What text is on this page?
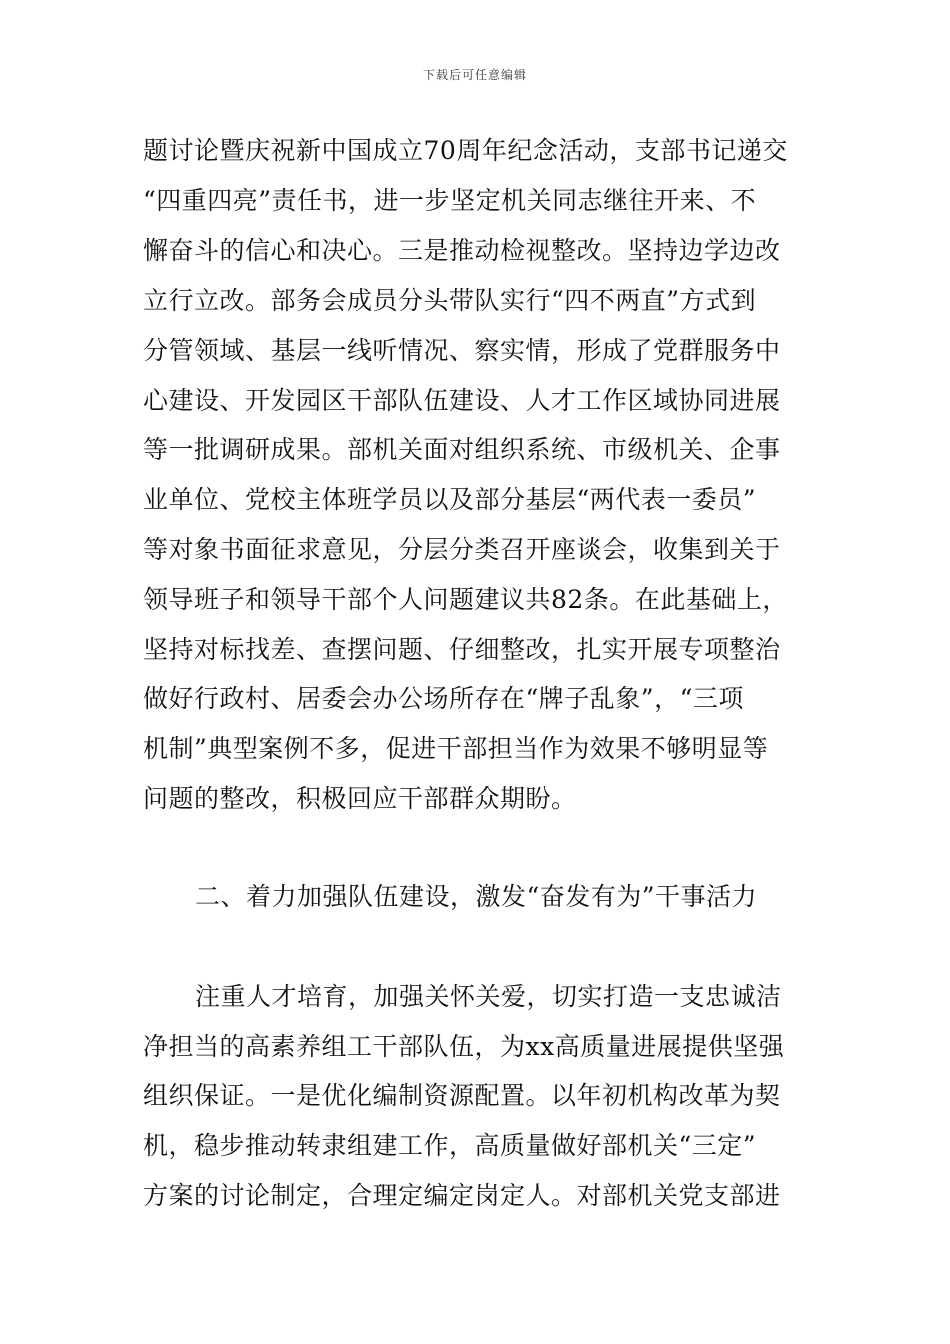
下载后可任意编辑
题讨论暨庆祝新中国成立70周年纪念活动，支部书记递交
“四重四亮”责任书，进一步坚定机关同志继往开来、不
懈奋斗的信心和决心。三是推动检视整改。坚持边学边改
立行立改。部务会成员分头带队实行“四不两直”方式到
分管领域、基层一线听情况、察实情，形成了党群服务中
心建设、开发园区干部队伍建设、人才工作区域协同进展
等一批调研成果。部机关面对组织系统、市级机关、企事
业单位、党校主体班学员以及部分基层“两代表一委员”
等对象书面征求意见，分层分类召开座谈会，收集到关于
领导班子和领导干部个人问题建议共82条。在此基础上，
坚持对标找差、查摆问题、仔细整改，扎实开展专项整治
做好行政村、居委会办公场所存在“牌子乱象”，“三项
机制”典型案例不多，促进干部担当作为效果不够明显等
问题的整改，积极回应干部群众期盼。
二、着力加强队伍建设，激发“奋发有为”干事活力
注重人才培育，加强关怀关爱，切实打造一支忠诚洁
净担当的高素养组工干部队伍，为xx高质量进展提供坚强
组织保证。一是优化编制资源配置。以年初机构改革为契
机，稳步推动转隶组建工作，高质量做好部机关“三定”
方案的讨论制定，合理定编定岗定人。对部机关党支部进
